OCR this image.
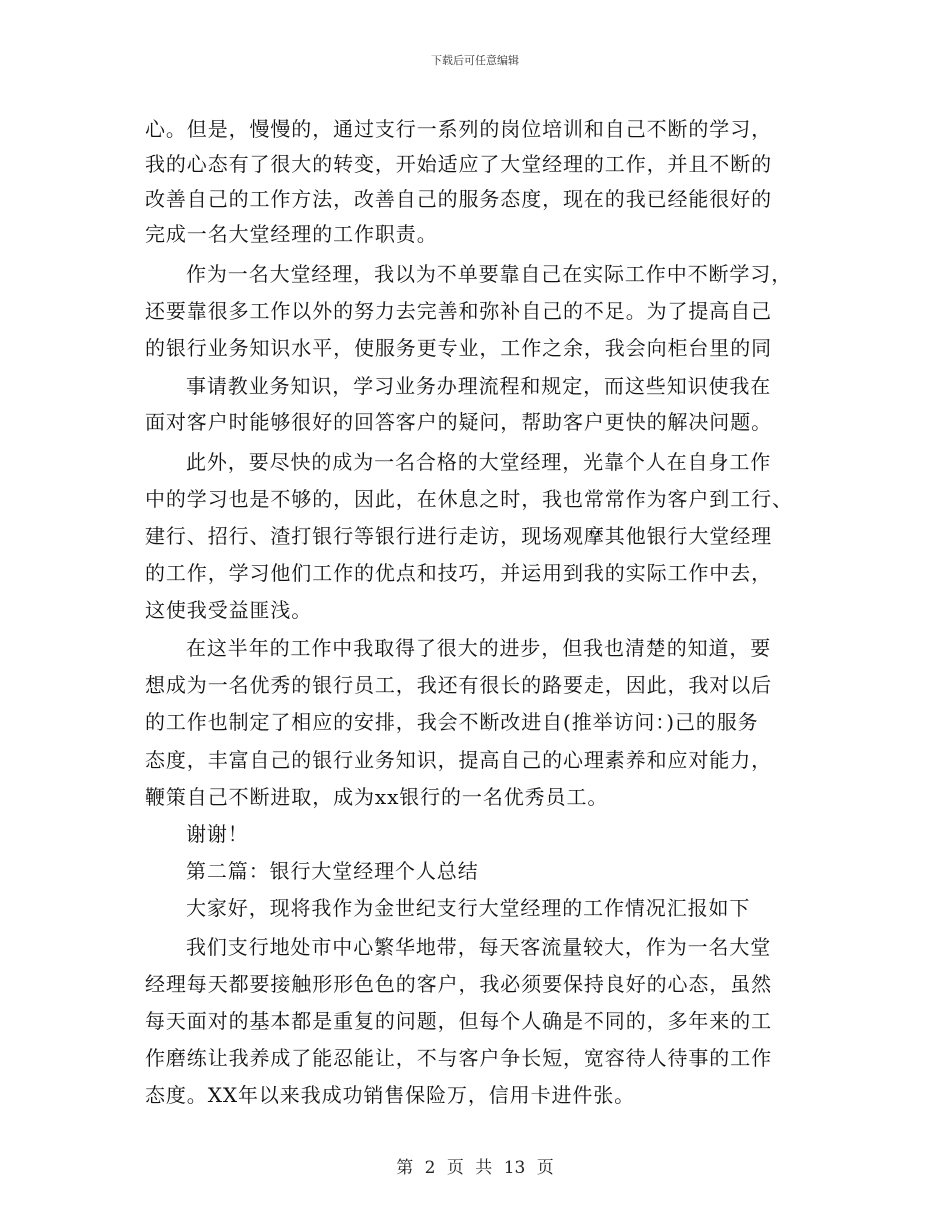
下载后可任意编辑
心。但是，慢慢的，通过支行一系列的岗位培训和自己不断的学习，
我的心态有了很大的转变，开始适应了大堂经理的工作，并且不断的
改善自己的工作方法，改善自己的服务态度，现在的我已经能很好的
完成一名大堂经理的工作职责。
作为一名大堂经理，我以为不单要靠自己在实际工作中不断学习，
还要靠很多工作以外的努力去完善和弥补自己的不足。为了提高自己
的银行业务知识水平，使服务更专业，工作之余，我会向柜台里的同
事请教业务知识，学习业务办理流程和规定，而这些知识使我在
面对客户时能够很好的回答客户的疑问，帮助客户更快的解决问题。
此外，要尽快的成为一名合格的大堂经理，光靠个人在自身工作
中的学习也是不够的，因此，在休息之时，我也常常作为客户到工行、
建行、招行、渣打银行等银行进行走访，现场观摩其他银行大堂经理
的工作，学习他们工作的优点和技巧，并运用到我的实际工作中去，
这使我受益匪浅。
在这半年的工作中我取得了很大的进步，但我也清楚的知道，要
想成为一名优秀的银行员工，我还有很长的路要走，因此，我对以后
的工作也制定了相应的安排，我会不断改进自(推举访问：)己的服务
态度，丰富自己的银行业务知识，提高自己的心理素养和应对能力，
鞭策自己不断进取，成为xx银行的一名优秀员工。
谢谢！
第二篇：银行大堂经理个人总结
大家好，现将我作为金世纪支行大堂经理的工作情况汇报如下
我们支行地处市中心繁华地带，每天客流量较大，作为一名大堂
经理每天都要接触形形色色的客户，我必须要保持良好的心态，虽然
每天面对的基本都是重复的问题，但每个人确是不同的，多年来的工
作磨练让我养成了能忍能让，不与客户争长短，宽容待人待事的工作
态度。XX年以来我成功销售保险万，信用卡进件张。
第 2 页 共 13 页
